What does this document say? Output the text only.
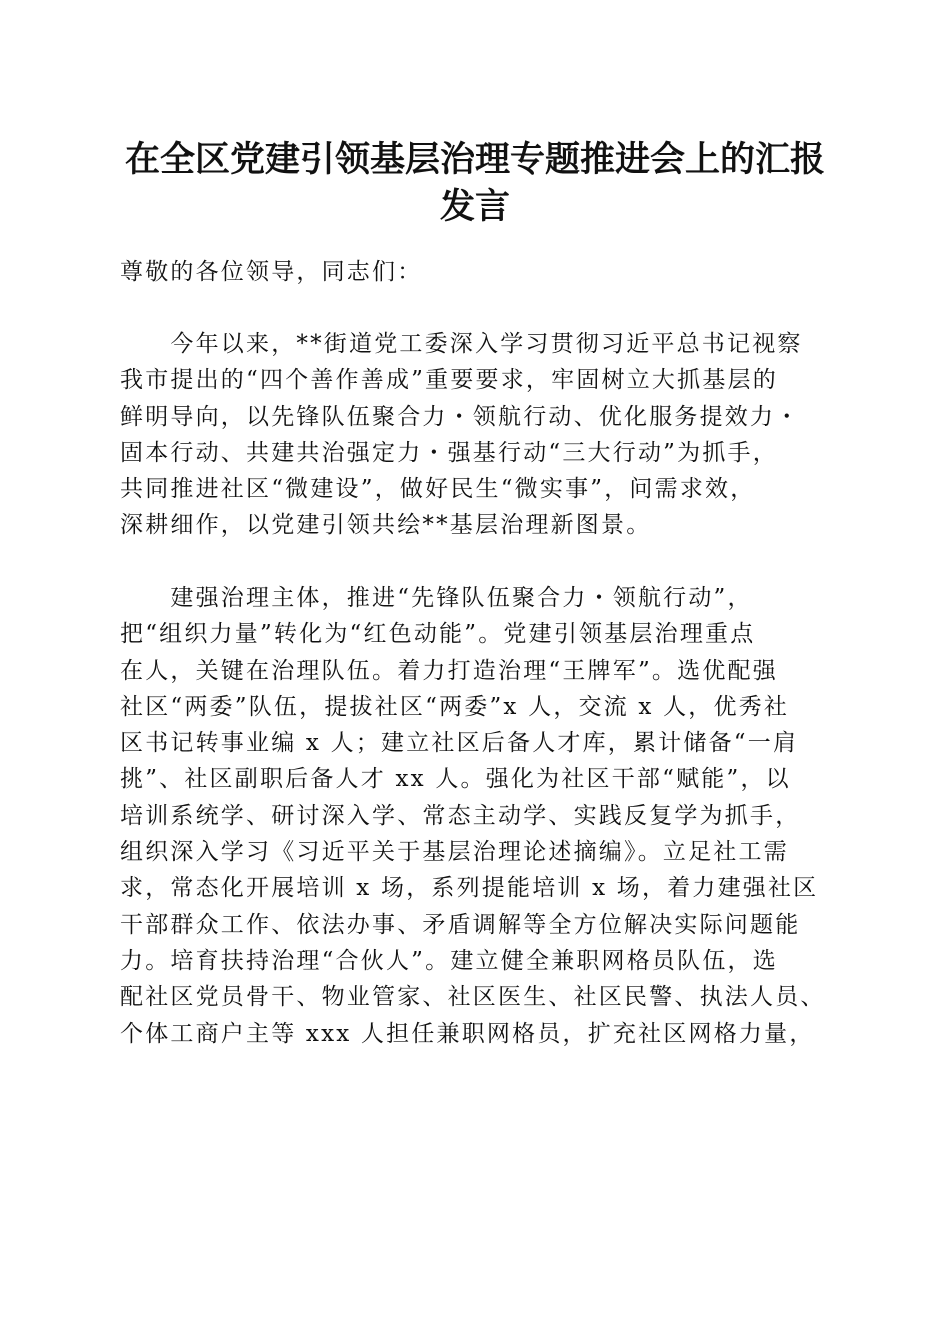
在全区党建引领基层治理专题推进会上的汇报
发言

尊敬的各位领导，同志们：

　　今年以来，**街道党工委深入学习贯彻习近平总书记视察
我市提出的“四个善作善成”重要要求，牢固树立大抓基层的
鲜明导向，以先锋队伍聚合力・领航行动、优化服务提效力・
固本行动、共建共治强定力・强基行动“三大行动”为抓手，
共同推进社区“微建设”，做好民生“微实事”，问需求效，
深耕细作，以党建引领共绘**基层治理新图景。
　　建强治理主体，推进“先锋队伍聚合力・领航行动”，
把“组织力量”转化为“红色动能”。党建引领基层治理重点
在人，关键在治理队伍。着力打造治理“王牌军”。选优配强
社区“两委”队伍，提拔社区“两委”x 人，交流 x 人，优秀社
区书记转事业编 x 人；建立社区后备人才库，累计储备“一肩
挑”、社区副职后备人才 xx 人。强化为社区干部“赋能”，以
培训系统学、研讨深入学、常态主动学、实践反复学为抓手，
组织深入学习《习近平关于基层治理论述摘编》。立足社工需
求，常态化开展培训 x 场，系列提能培训 x 场，着力建强社区
干部群众工作、依法办事、矛盾调解等全方位解决实际问题能
力。培育扶持治理“合伙人”。建立健全兼职网格员队伍，选
配社区党员骨干、物业管家、社区医生、社区民警、执法人员、
个体工商户主等 xxx 人担任兼职网格员，扩充社区网格力量，
